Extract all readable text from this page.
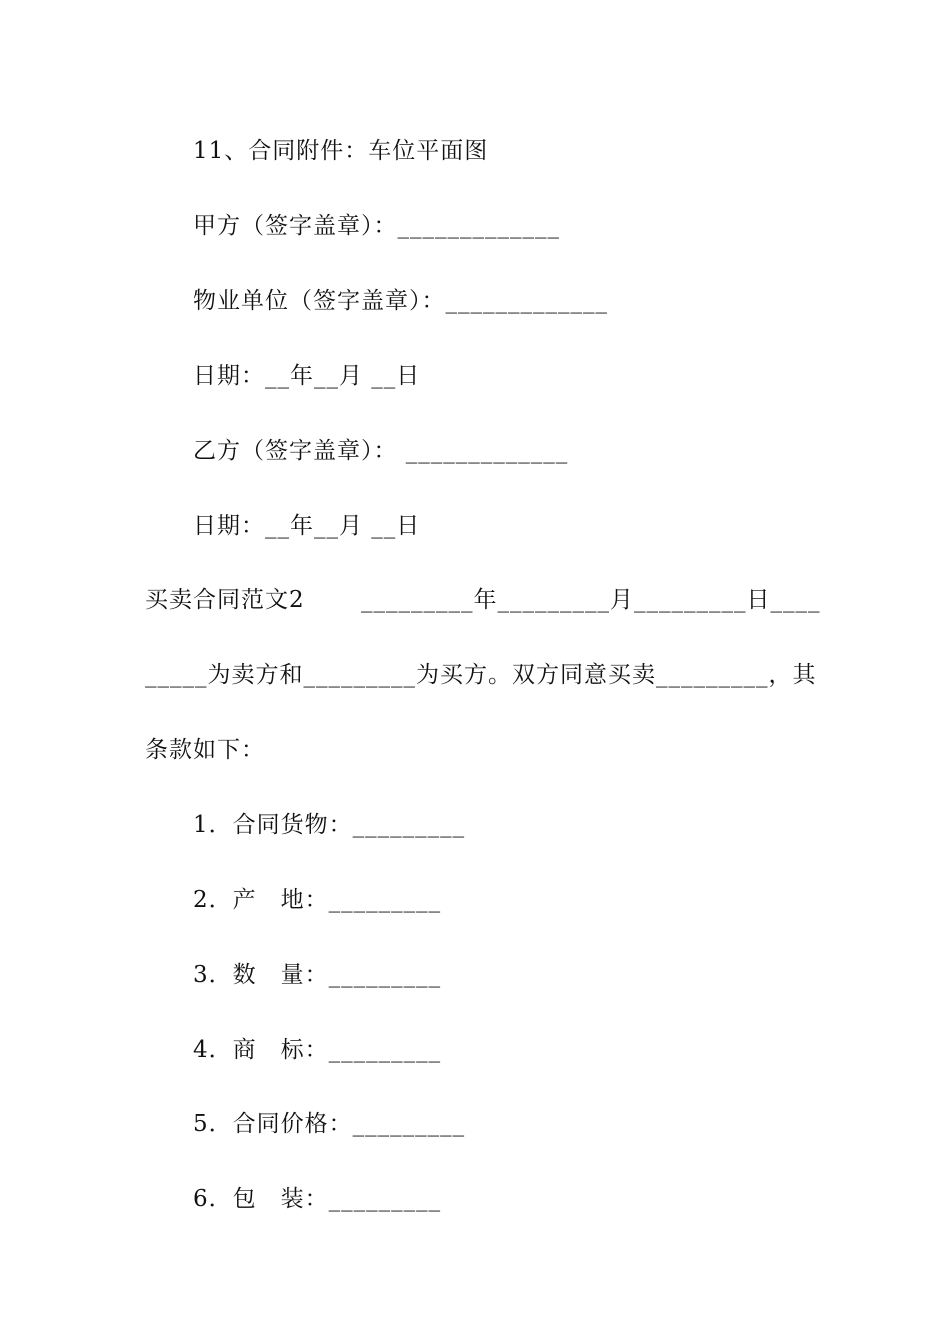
11、合同附件：车位平面图
甲方（签字盖章）：_____________
物业单位（签字盖章）：_____________
日期：__年__月 __日
乙方（签字盖章）： _____________
日期：__年__月 __日
买卖合同范文2　　 _________年_________月_________日____
_____为卖方和_________为买方。双方同意买卖_________，其
条款如下：
1．合同货物：_________
2．产　地：_________
3．数　量：_________
4．商　标：_________
5．合同价格：_________
6．包　装：_________
